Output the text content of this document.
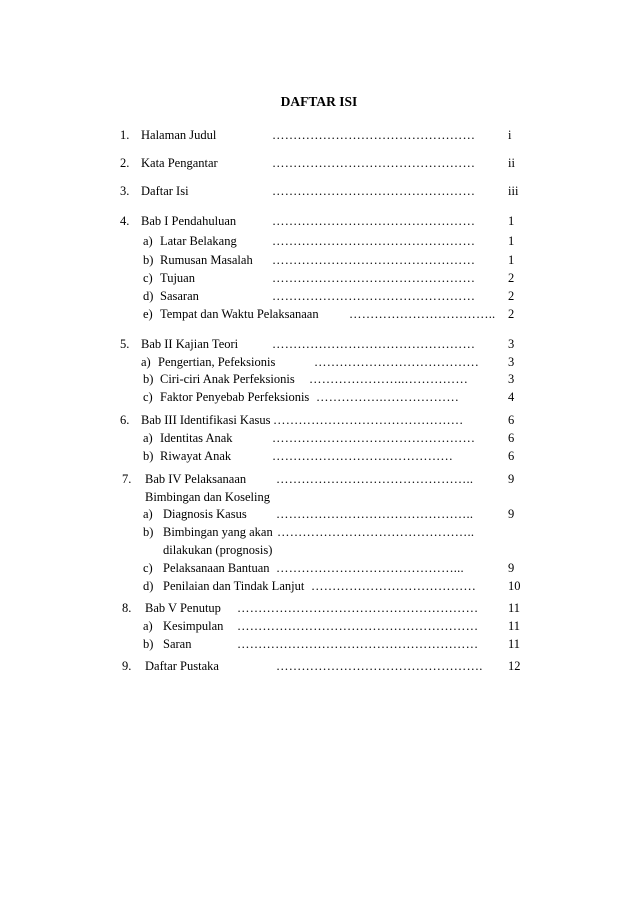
DAFTAR ISI
1. Halaman Judul	…………………………………………	i
2. Kata Pengantar	…………………………………………	ii
3. Daftar Isi	…………………………………………	iii
4. Bab I Pendahuluan	…………………………………………	1
a) Latar Belakang	…………………………………………	1
b) Rumusan Masalah	…………………………………………	1
c) Tujuan	…………………………………………	2
d) Sasaran	…………………………………………	2
e) Tempat dan Waktu Pelaksanaan	…………………………….. 2
5. Bab II Kajian Teori	…………………………………………	3
a) Pengertian, Pefeksionis	…………………………………	3
b) Ciri-ciri Anak Perfeksionis	…………………..……………	3
c) Faktor Penyebab Perfeksionis …………….………………	4
6. Bab III Identifikasi Kasus ………………………………………	6
a) Identitas Anak	…………………………………………	6
b) Riwayat Anak	……………………….……………	6
7. Bab IV Pelaksanaan	………………………………………..	9
Bimbingan dan Koseling
a) Diagnosis Kasus	………………………………………..	9
b) Bimbingan yang akan ………………………………………..
dilakukan (prognosis)
c) Pelaksanaan Bantuan ……………………………………...	9
d) Penilaian dan Tindak Lanjut …………………………………	10
8. Bab V Penutup	…………………………………………………	11
a) Kesimpulan	…………………………………………………	11
b) Saran	…………………………………………………	11
9. Daftar Pustaka	………………………………………….	12
